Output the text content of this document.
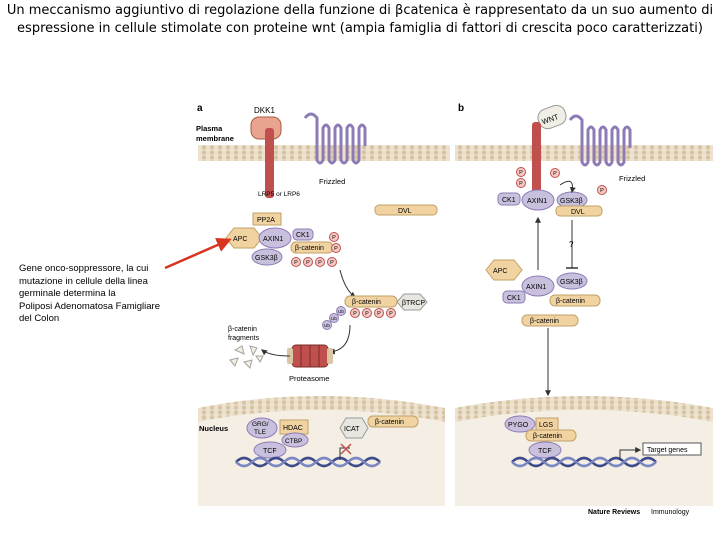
Un meccanismo aggiuntivo di regolazione della funzione di βcatenica è rappresentato da un suo aumento di
espressione in cellule stimolate con proteine wnt (ampia famiglia di fattori di crescita poco caratterizzati)
a
Plasma
membrane
DKK1
LRP5 or LRP6
Frizzled
DVL
PP2A
APC AXIN1
CK1
β-catenin
GSK3β
β-catenin	βTRCP
Proteasome
β-catenin
fragments
Nucleus	GRG/
TLE
HDAC
CTBP
TCF
ICAT
β-catenin
b
WNT
Frizzled
CK1 AXIN1 GSK3β
DVL
?
APC
AXIN1
GSK3β
CK1	β-catenin
β-catenin
PYGO LGS
β-catenin
TCF	Target genes
Nature Reviews Immunology
P
P
P P P P
P P P P
Ub
Ub
Ub
P
P
P
P
Gene onco-soppressore, la cui
mutazione in cellule della linea
germinale determina la
Poliposi Adenomatosa Famigliare
del Colon
